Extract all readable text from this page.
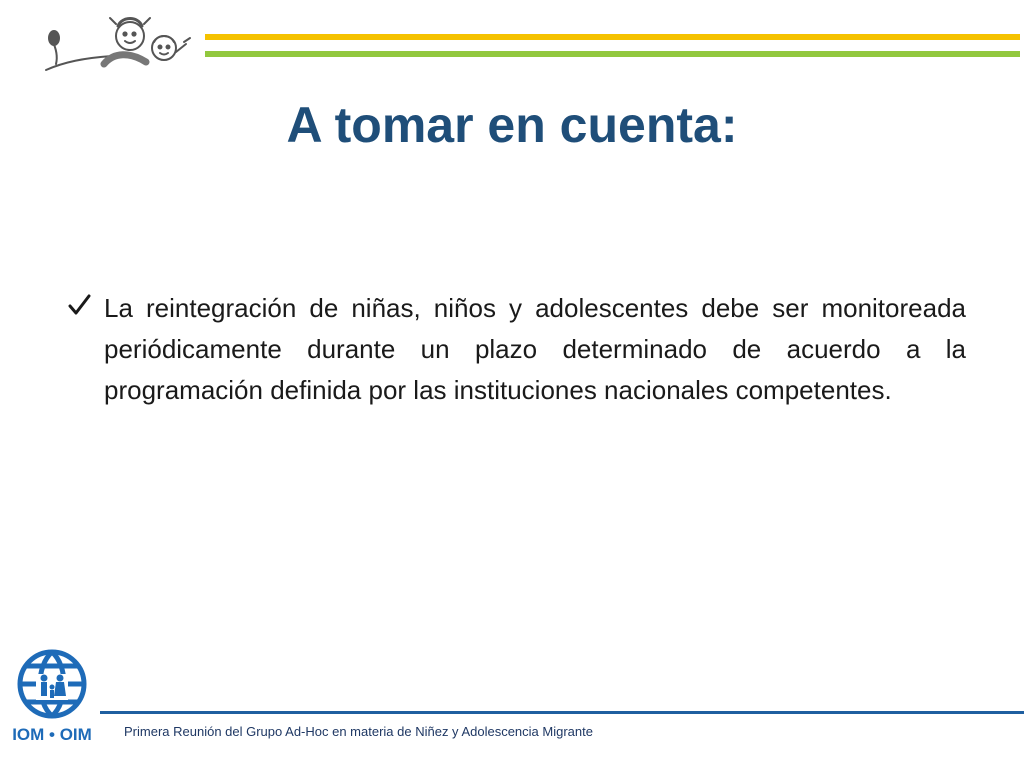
A tomar en cuenta:

La reintegración de niñas, niños y adolescentes debe ser monitoreada periódicamente durante un plazo determinado de acuerdo a la programación definida por las instituciones nacionales competentes.

IOM • OIM Primera Reunión del Grupo Ad-Hoc en materia de Niñez y Adolescencia Migrante
